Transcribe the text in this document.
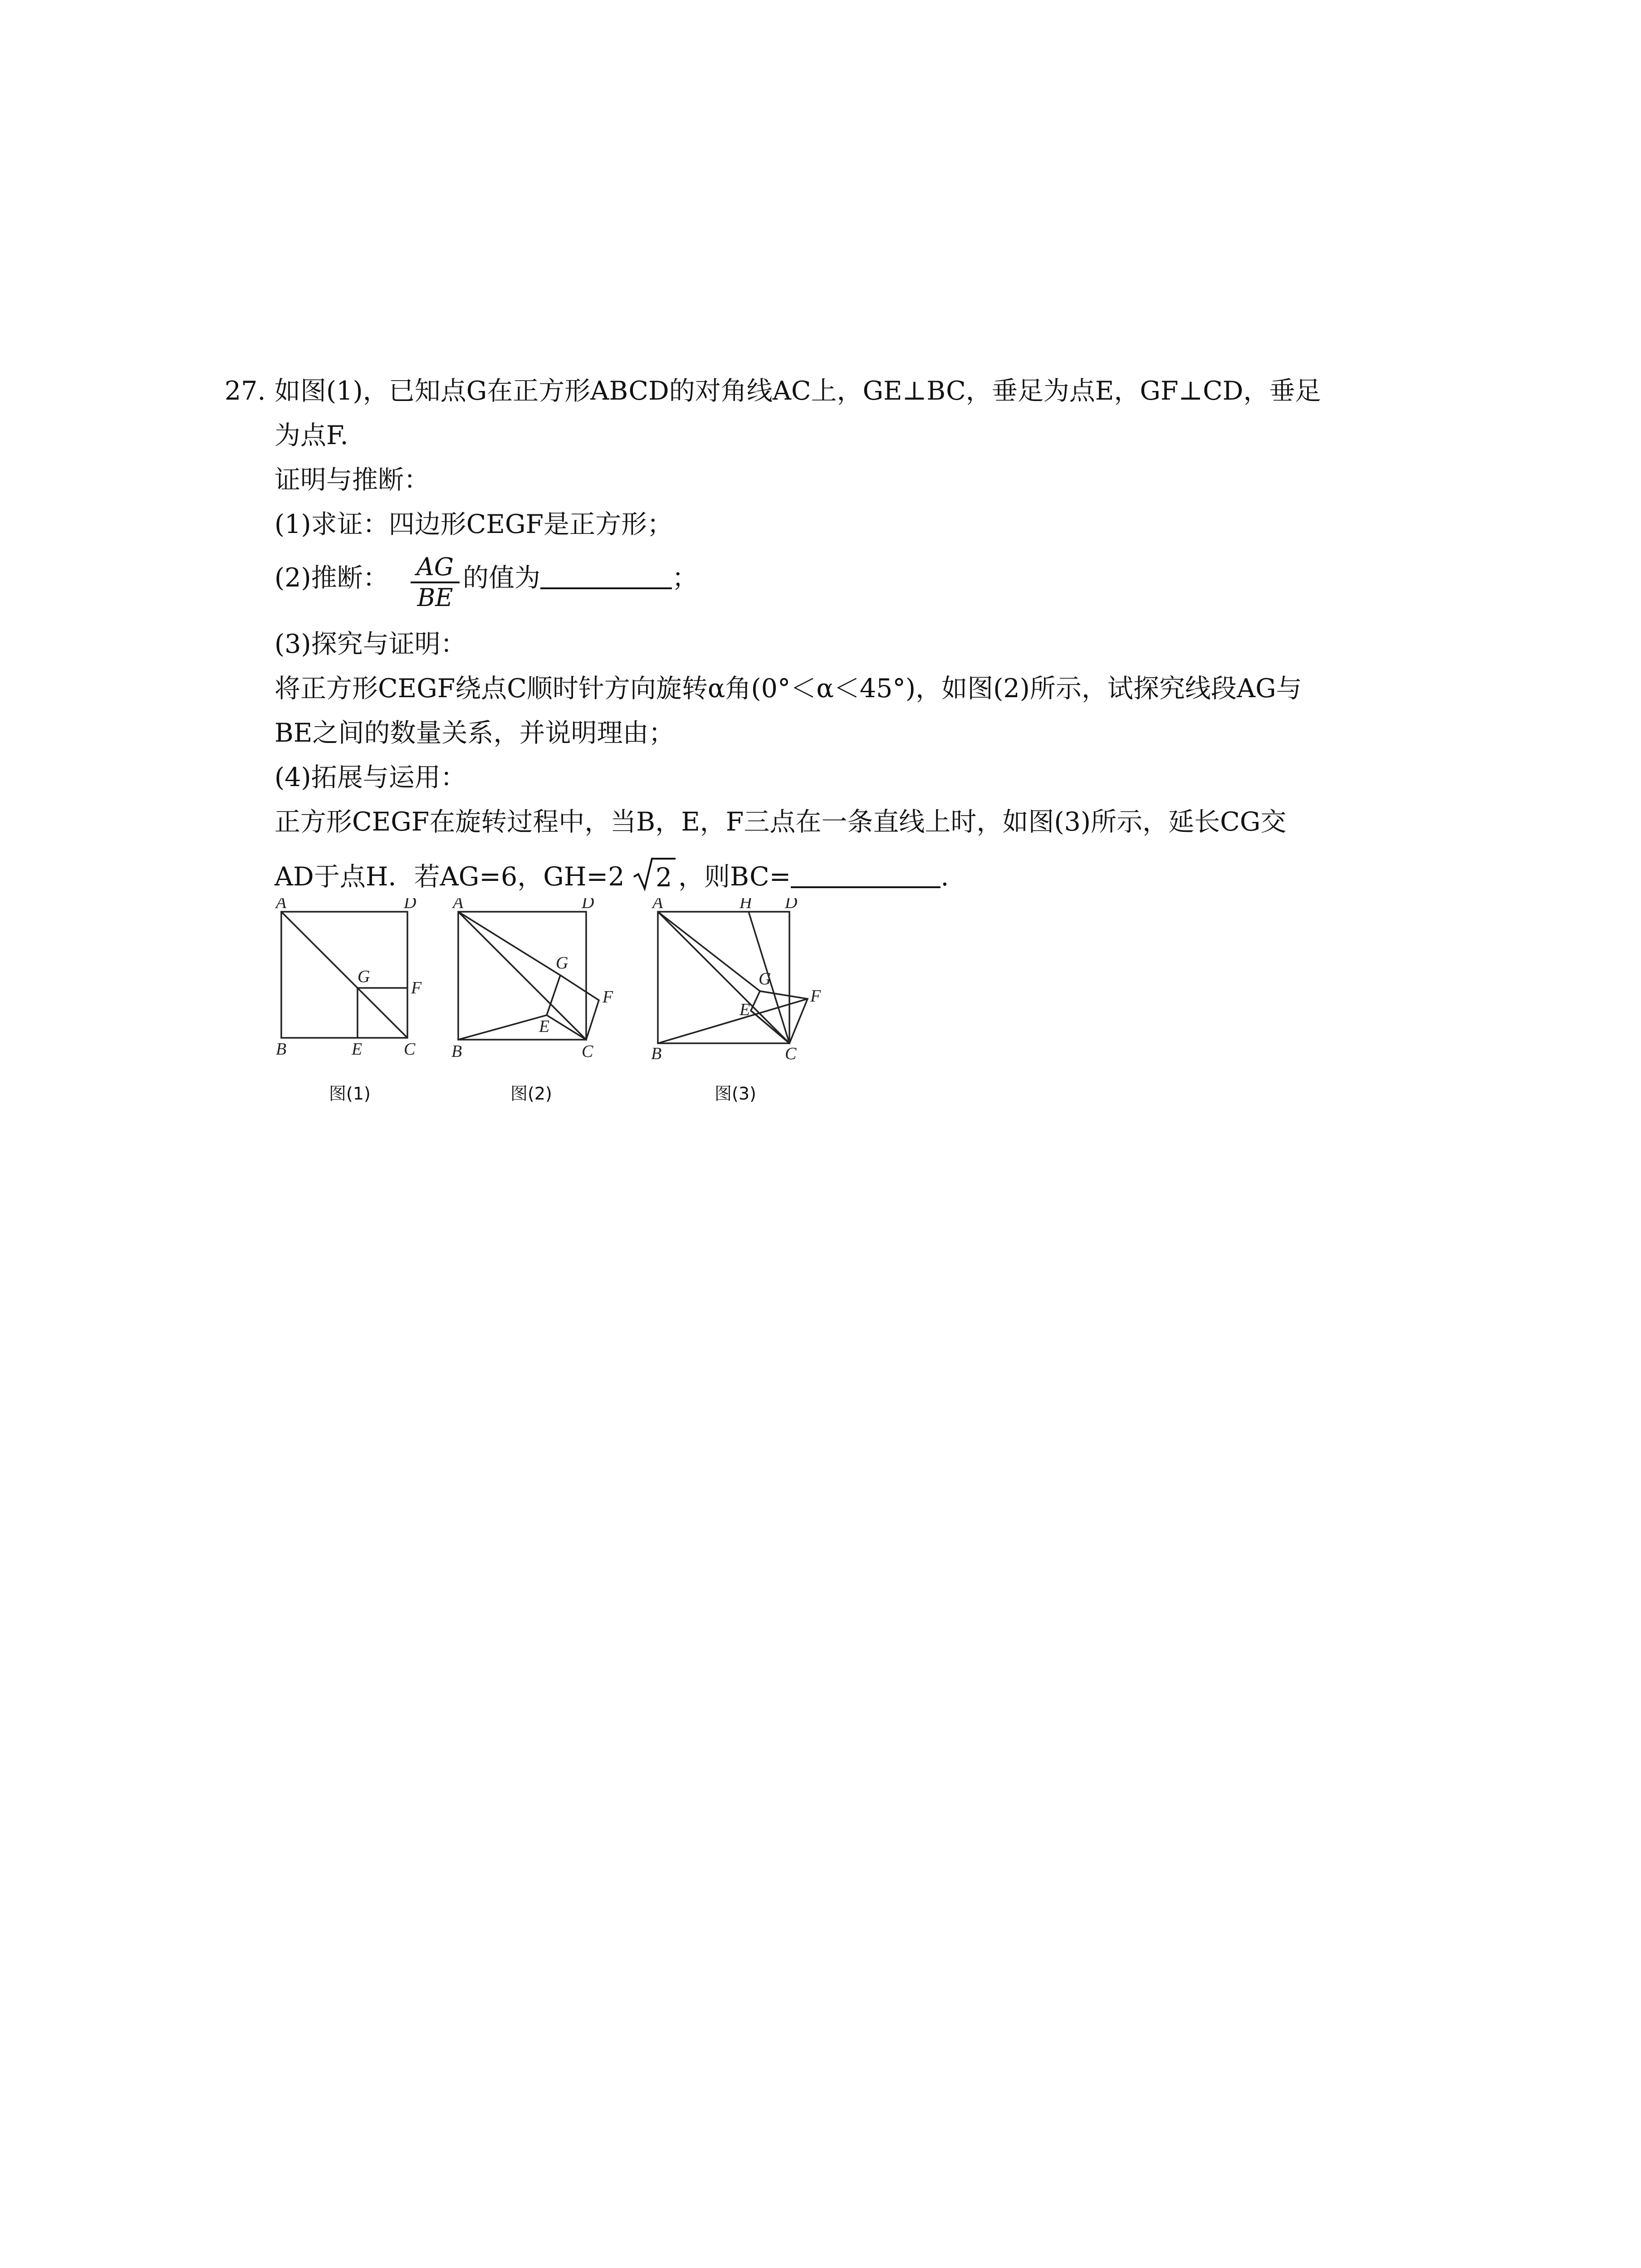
27. 如图(1)，已知点G在正方形ABCD的对角线AC上，GE⊥BC，垂足为点E，GF⊥CD，垂足
为点F.
证明与推断：
(1)求证：四边形CEGF是正方形；
(2)推断： AG
BE
的值为	；
(3)探究与证明：
将正方形CEGF绕点C顺时针方向旋转α角(0°＜α＜45°)，如图(2)所示，试探究线段AG与
BE之间的数量关系，并说明理由；
(4)拓展与运用：
正方形CEGF在旋转过程中，当B，E，F三点在一条直线上时，如图(3)所示，延长CG交
AD于点H．若AG=6，GH=2 2 ，则BC=	.
A	D
B	C
E
G
F
A	D
B	C
E
G
F
A	H D
B	C
E
G
F
图(1)	图(2)	图(3)
